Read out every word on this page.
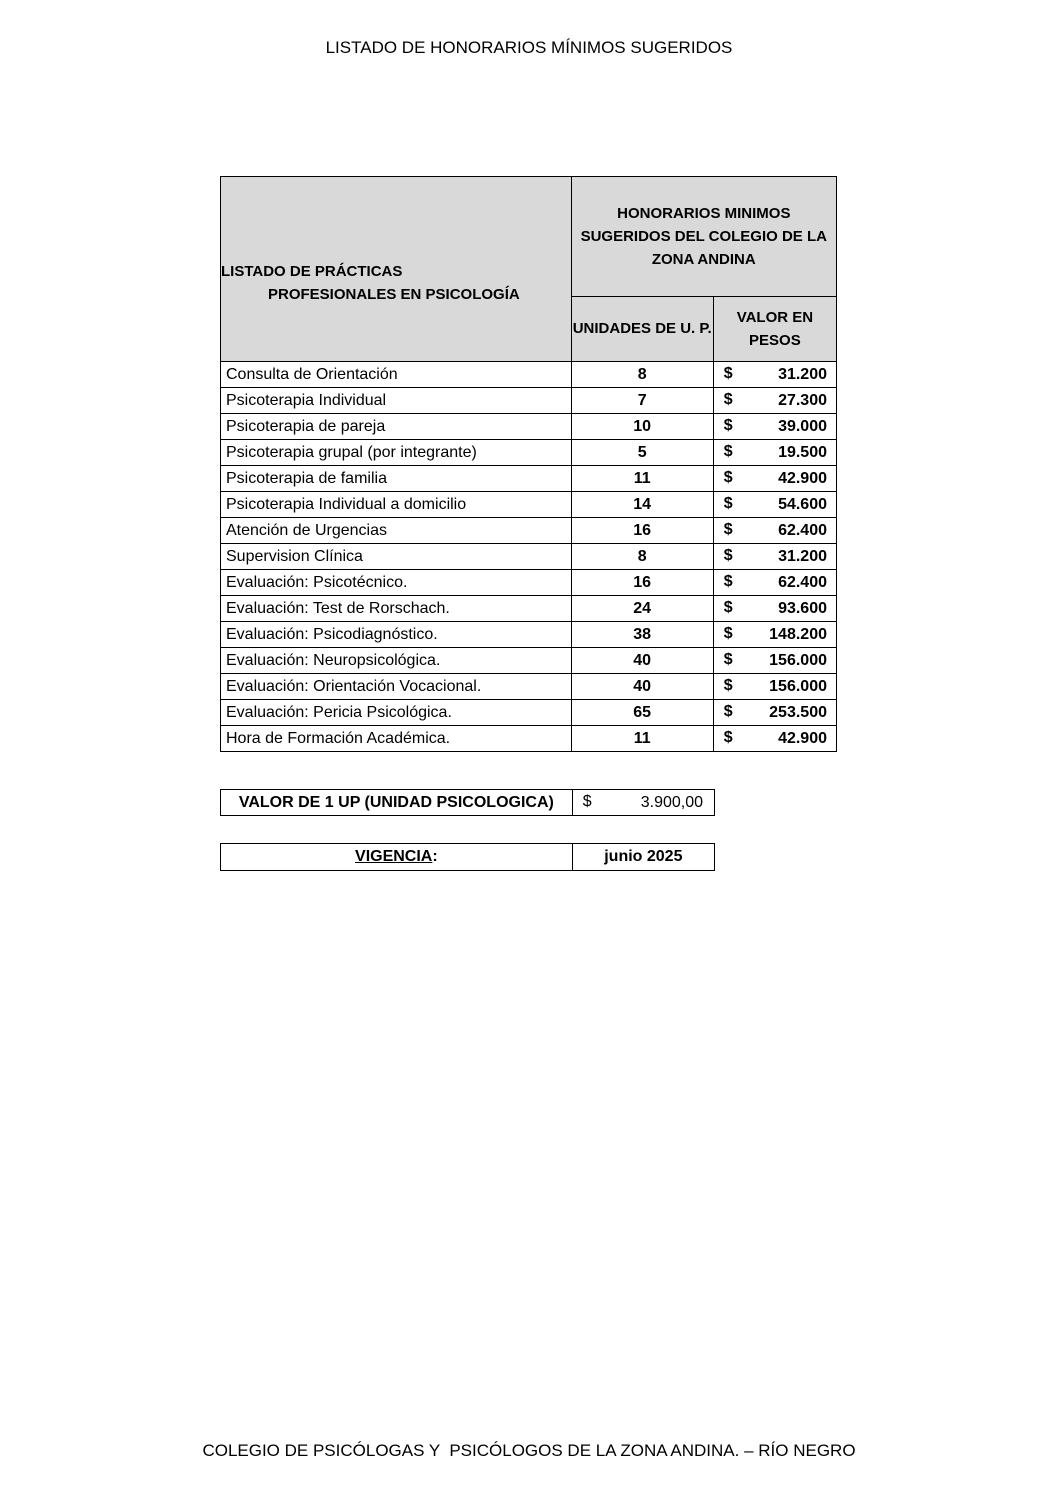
LISTADO DE HONORARIOS MÍNIMOS SUGERIDOS
LISTADO DE PRÁCTICAS
PROFESIONALES EN PSICOLOGÍA	HONORARIOS MINIMOS SUGERIDOS DEL COLEGIO DE LA ZONA ANDINA	
	UNIDADES DE U. P.	VALOR EN PESOS
Consulta de Orientación	8	$ 31.200

Psicoterapia Individual	7	$ 27.300

Psicoterapia de pareja	10	$ 39.000

Psicoterapia grupal (por integrante)	5	$ 19.500

Psicoterapia de familia	11	$ 42.900

Psicoterapia Individual a domicilio	14	$ 54.600

Atención de Urgencias	16	$ 62.400

Supervision Clínica	8	$ 31.200

Evaluación: Psicotécnico.	16	$ 62.400

Evaluación: Test de Rorschach.	24	$ 93.600

Evaluación: Psicodiagnóstico.	38	$ 148.200

Evaluación: Neuropsicológica.	40	$ 156.000

Evaluación: Orientación Vocacional.	40	$ 156.000

Evaluación: Pericia Psicológica.	65	$ 253.500

Hora de Formación Académica.	11	$ 42.900
VALOR DE 1 UP (UNIDAD PSICOLOGICA)	$	3.900,00
VIGENCIA:	junio 2025
COLEGIO DE PSICÓLOGAS Y  PSICÓLOGOS DE LA ZONA ANDINA. – RÍO NEGRO
